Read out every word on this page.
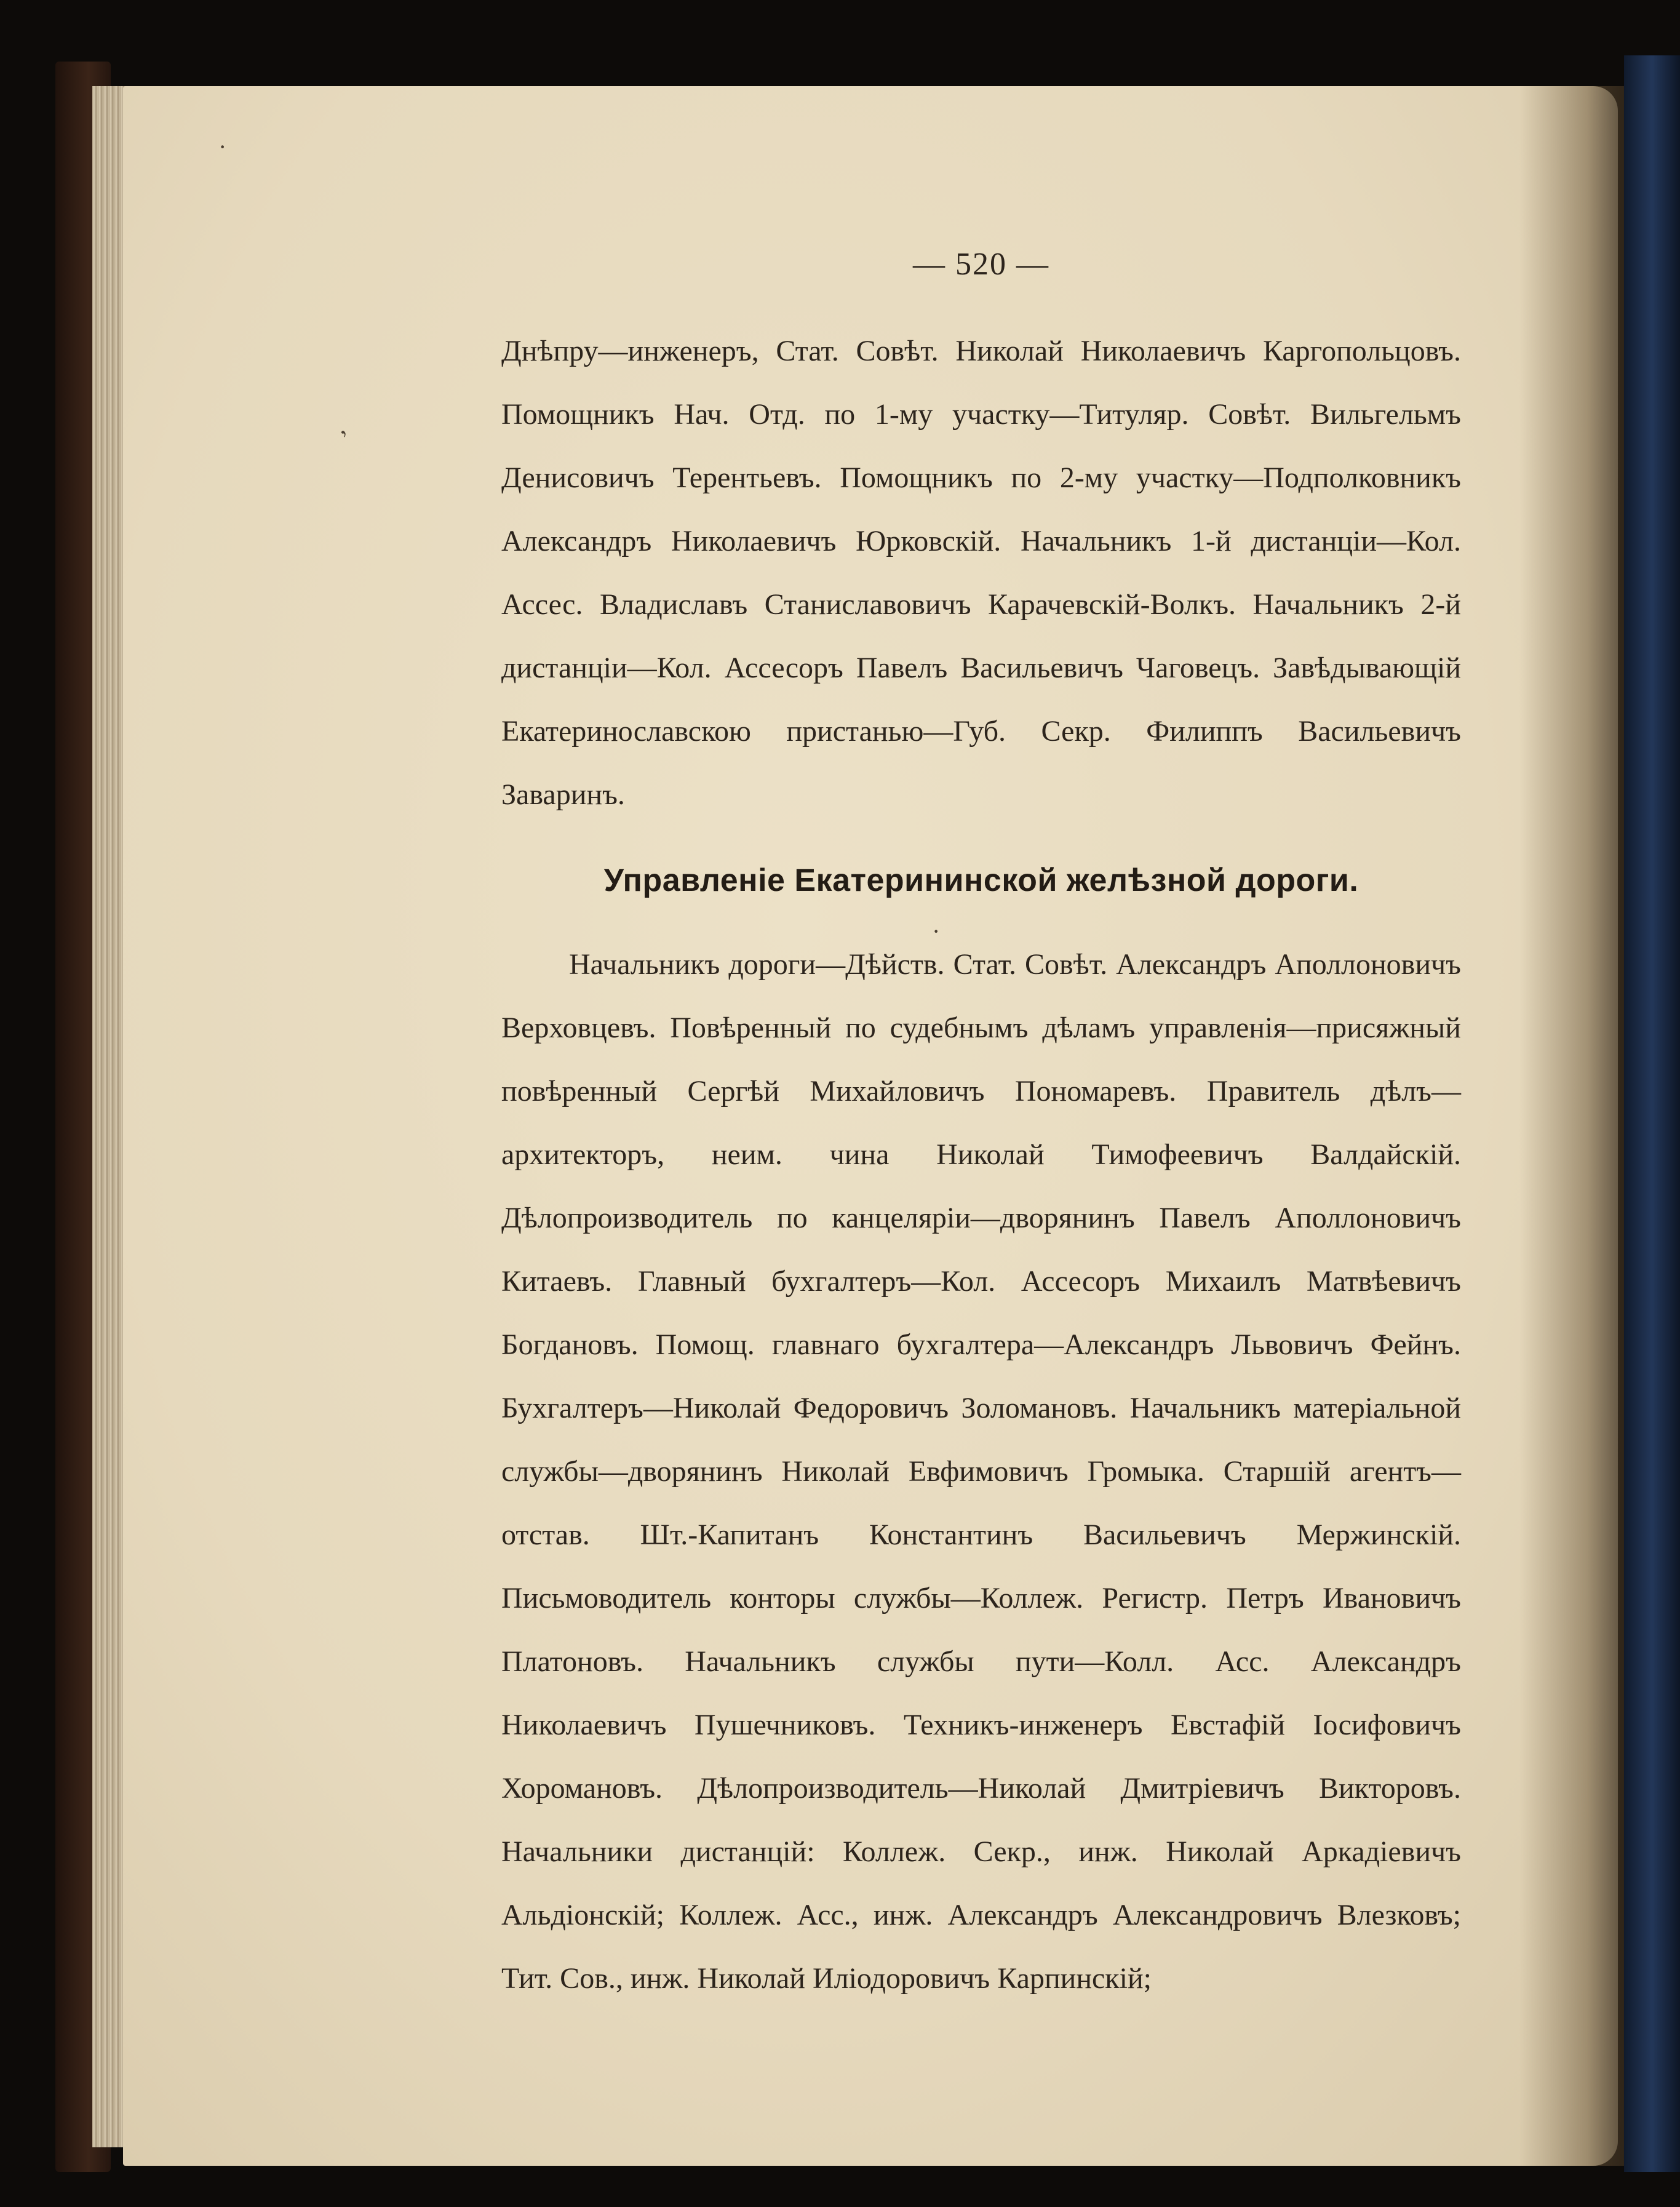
·
,
·
— 520 —

Днѣпру—инженеръ, Стат. Совѣт. Николай Николаевичъ Каргопольцовъ. Помощникъ Нач. Отд. по 1-му участку—Титуляр. Совѣт. Вильгельмъ Денисовичъ Терентьевъ. Помощникъ по 2-му участку—Подполковникъ Александръ Николаевичъ Юрковскій. Начальникъ 1-й дистанціи—Кол. Ассес. Владиславъ Станиславовичъ Карачевскій-Волкъ. Начальникъ 2-й дистанціи—Кол. Ассесоръ Павелъ Васильевичъ Чаговецъ. Завѣдывающій Екатеринославскою пристанью—Губ. Секр. Филиппъ Васильевичъ Заваринъ.

Управленіе Екатерининской желѣзной дороги.

Начальникъ дороги—Дѣйств. Стат. Совѣт. Александръ Аполлоновичъ Верховцевъ. Повѣренный по судебнымъ дѣламъ управленія—присяжный повѣренный Сергѣй Михайловичъ Пономаревъ. Правитель дѣлъ—архитекторъ, неим. чина Николай Тимофеевичъ Валдайскій. Дѣлопроизводитель по канцеляріи—дворянинъ Павелъ Аполлоновичъ Китаевъ. Главный бухгалтеръ—Кол. Ассесоръ Михаилъ Матвѣевичъ Богдановъ. Помощ. главнаго бухгалтера—Александръ Львовичъ Фейнъ. Бухгалтеръ—Николай Федоровичъ Золомановъ. Начальникъ матеріальной службы—дворянинъ Николай Евфимовичъ Громыка. Старшій агентъ—отстав. Шт.-Капитанъ Константинъ Васильевичъ Мержинскій. Письмоводитель конторы службы—Коллеж. Регистр. Петръ Ивановичъ Платоновъ. Начальникъ службы пути—Колл. Асс. Александръ Николаевичъ Пушечниковъ. Техникъ-инженеръ Евстафій Іосифовичъ Хоромановъ. Дѣлопроизводитель—Николай Дмитріевичъ Викторовъ. Начальники дистанцій: Коллеж. Секр., инж. Николай Аркадіевичъ Альдіонскій; Коллеж. Асс., инж. Александръ Александровичъ Влезковъ; Тит. Сов., инж. Николай Иліодоровичъ Карпинскій;
